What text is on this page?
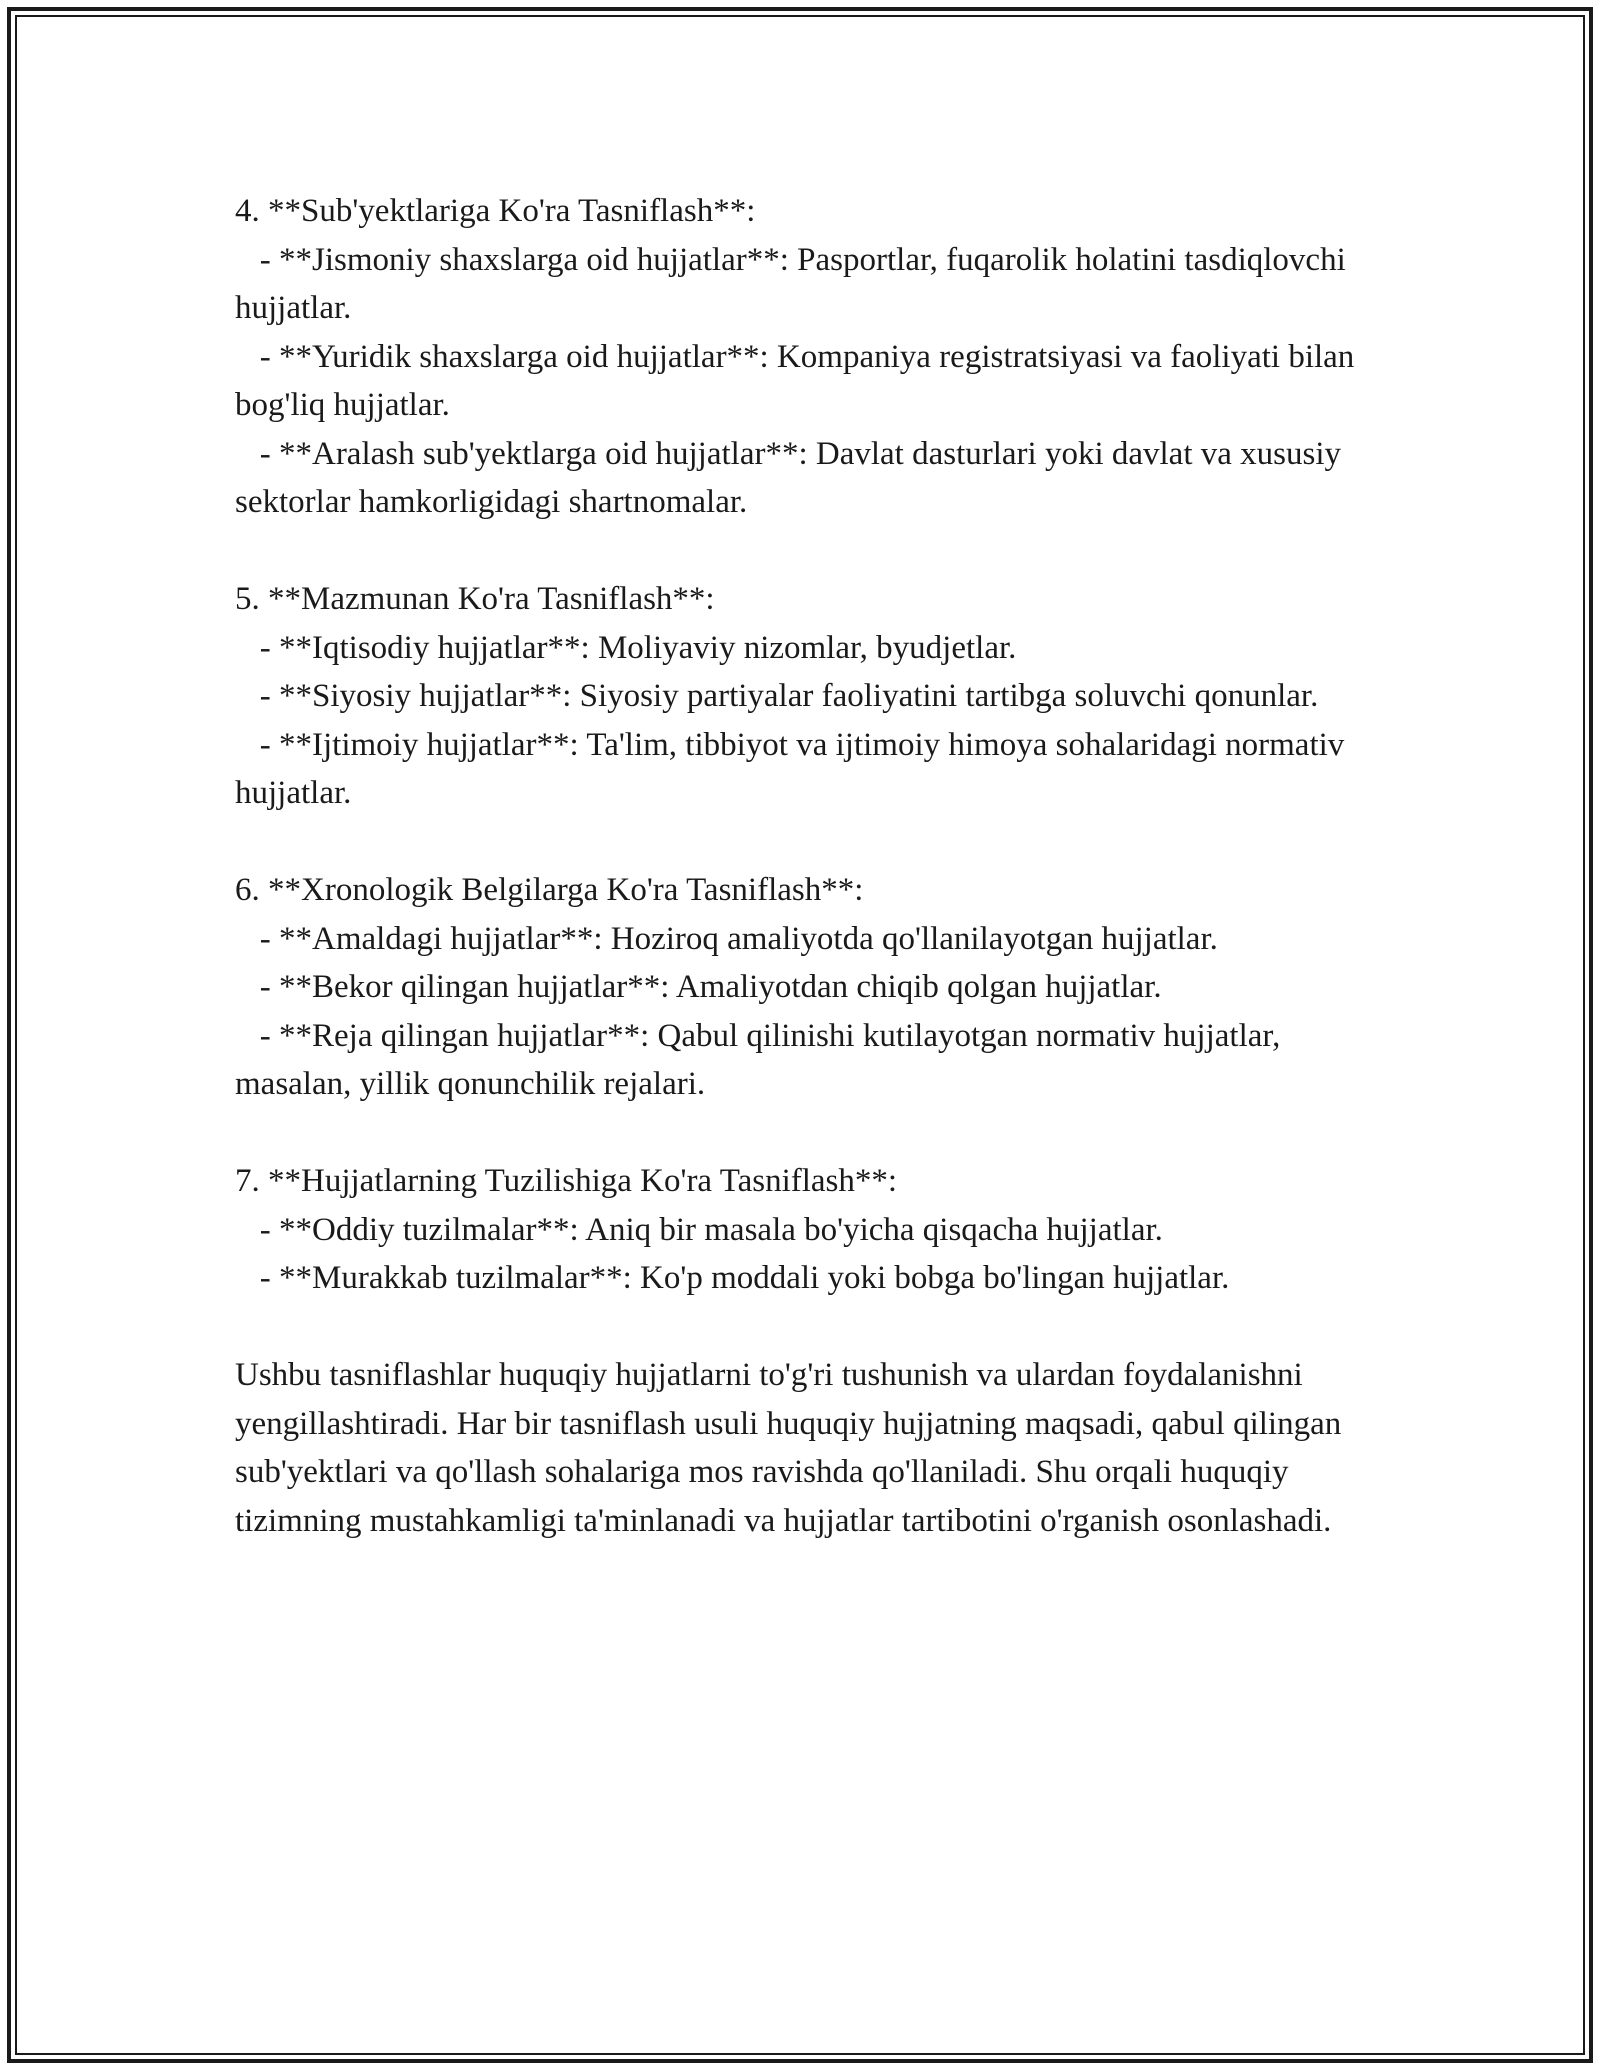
4. **Sub'yektlariga Ko'ra Tasniflash**:
- **Jismoniy shaxslarga oid hujjatlar**: Pasportlar, fuqarolik holatini tasdiqlovchi hujjatlar.
- **Yuridik shaxslarga oid hujjatlar**: Kompaniya registratsiyasi va faoliyati bilan bog'liq hujjatlar.
- **Aralash sub'yektlarga oid hujjatlar**: Davlat dasturlari yoki davlat va xususiy sektorlar hamkorligidagi shartnomalar.
5. **Mazmunan Ko'ra Tasniflash**:
- **Iqtisodiy hujjatlar**: Moliyaviy nizomlar, byudjetlar.
- **Siyosiy hujjatlar**: Siyosiy partiyalar faoliyatini tartibga soluvchi qonunlar.
- **Ijtimoiy hujjatlar**: Ta'lim, tibbiyot va ijtimoiy himoya sohalaridagi normativ hujjatlar.
6. **Xronologik Belgilarga Ko'ra Tasniflash**:
- **Amaldagi hujjatlar**: Hoziroq amaliyotda qo'llanilayotgan hujjatlar.
- **Bekor qilingan hujjatlar**: Amaliyotdan chiqib qolgan hujjatlar.
- **Reja qilingan hujjatlar**: Qabul qilinishi kutilayotgan normativ hujjatlar, masalan, yillik qonunchilik rejalari.
7. **Hujjatlarning Tuzilishiga Ko'ra Tasniflash**:
- **Oddiy tuzilmalar**: Aniq bir masala bo'yicha qisqacha hujjatlar.
- **Murakkab tuzilmalar**: Ko'p moddali yoki bobga bo'lingan hujjatlar.

Ushbu tasniflashlar huquqiy hujjatlarni to'g'ri tushunish va ulardan foydalanishni yengillashtiradi. Har bir tasniflash usuli huquqiy hujjatning maqsadi, qabul qilingan sub'yektlari va qo'llash sohalariga mos ravishda qo'llaniladi. Shu orqali huquqiy tizimning mustahkamligi ta'minlanadi va hujjatlar tartibotini o'rganish osonlashadi.
